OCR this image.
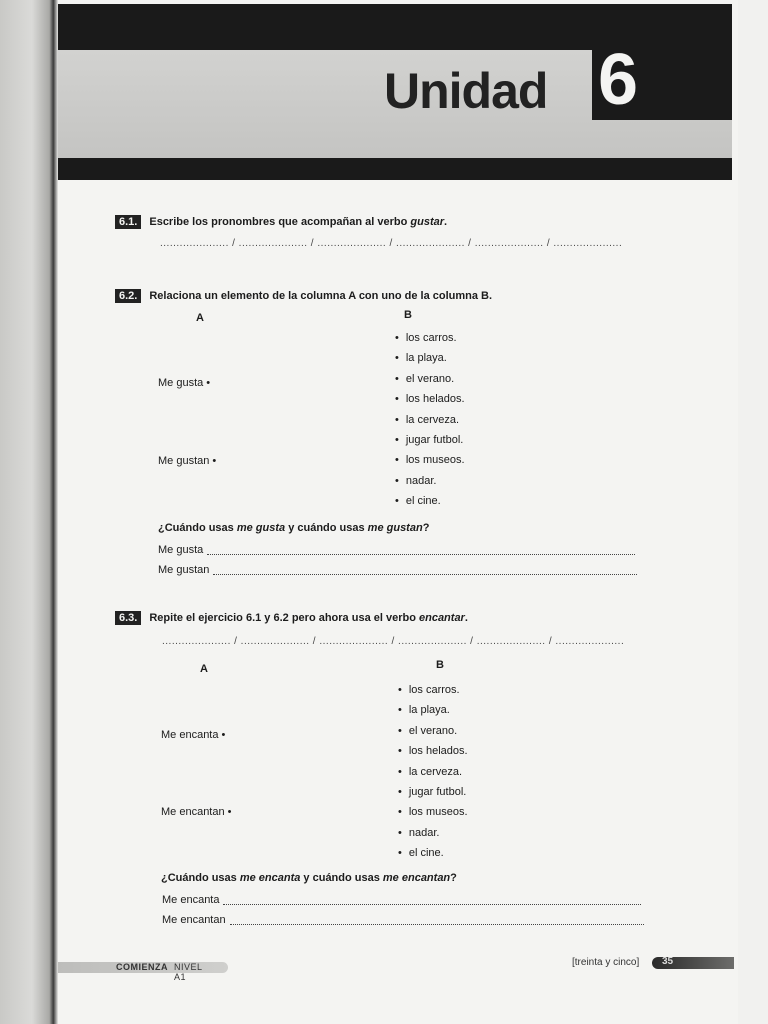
Unidad 6
6.1. Escribe los pronombres que acompañan al verbo gustar.
..................... / ..................... / ..................... / ..................... / ..................... / .....................
6.2. Relaciona un elemento de la columna A con uno de la columna B.
A	B
Me gusta •
Me gustan •
• los carros.
• la playa.
• el verano.
• los helados.
• la cerveza.
• jugar futbol.
• los museos.
• nadar.
• el cine.
¿Cuándo usas me gusta y cuándo usas me gustan?
Me gusta
Me gustan
6.3. Repite el ejercicio 6.1 y 6.2 pero ahora usa el verbo encantar.
..................... / ..................... / ..................... / ..................... / ..................... / .....................
A	B
Me encanta •
Me encantan •
• los carros.
• la playa.
• el verano.
• los helados.
• la cerveza.
• jugar futbol.
• los museos.
• nadar.
• el cine.
¿Cuándo usas me encanta y cuándo usas me encantan?
Me encanta
Me encantan
NIVEL A1
COMIENZA	[treinta y cinco] 35
